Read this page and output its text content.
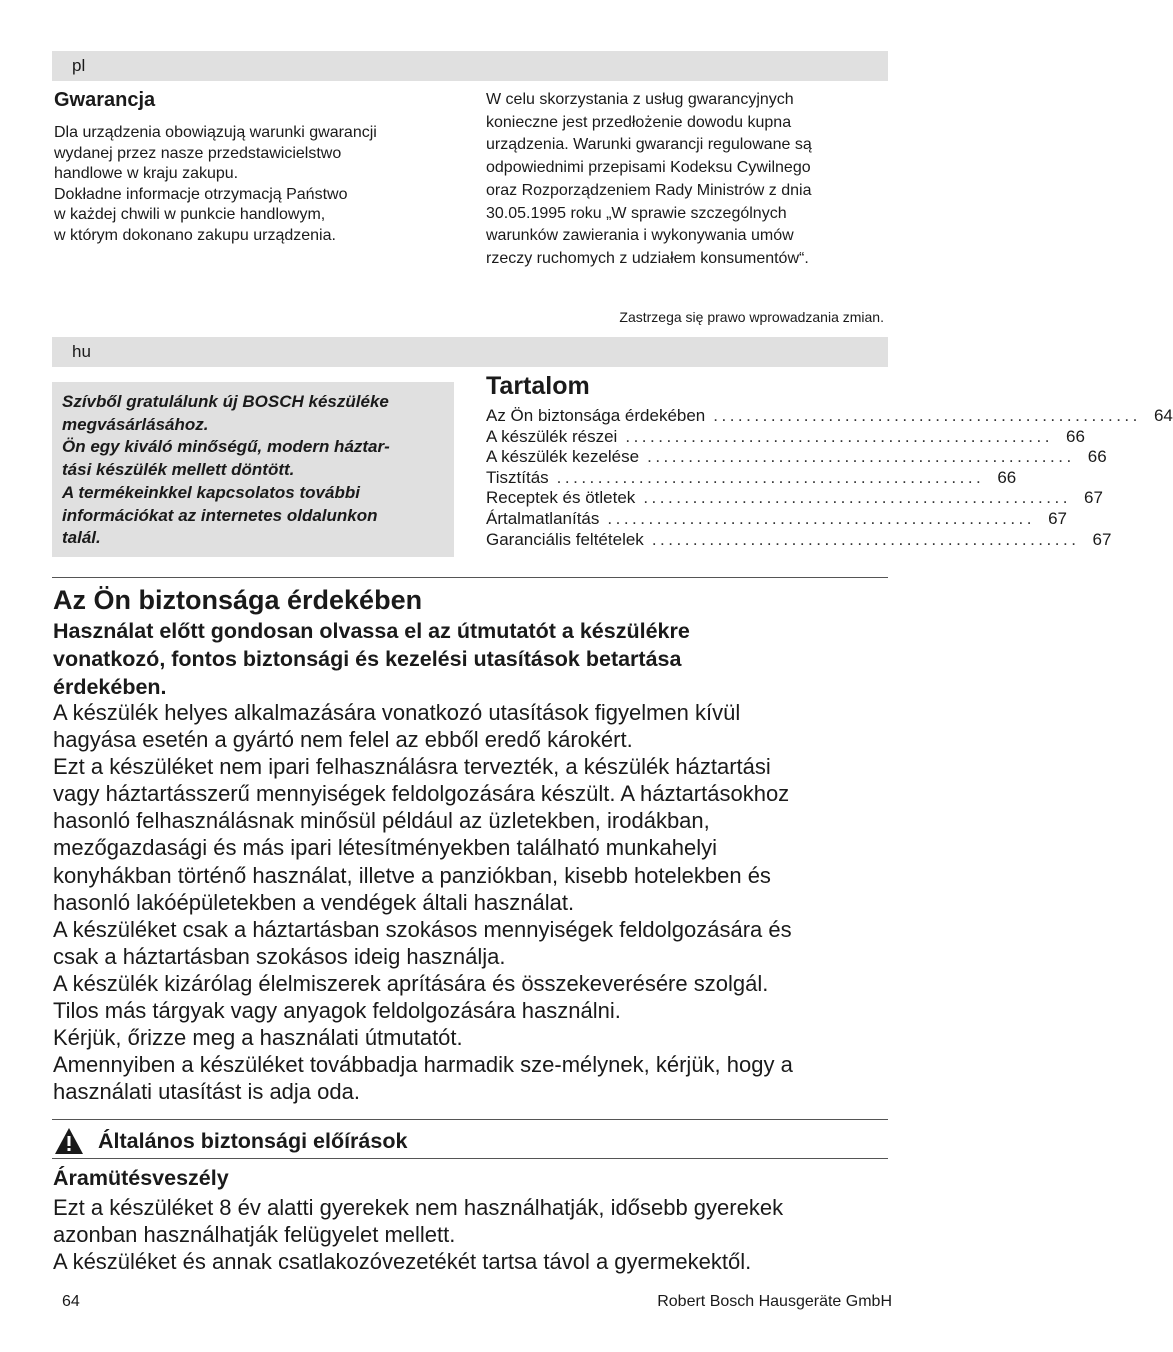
pl
Gwarancja
Dla urządzenia obowiązują warunki gwarancji
wydanej przez nasze przedstawicielstwo
handlowe w kraju zakupu.
Dokładne informacje otrzymacją Państwo
w każdej chwili w punkcie handlowym,
w którym dokonano zakupu urządzenia.
W celu skorzystania z usług gwarancyjnych
konieczne jest przedłożenie dowodu kupna
urządzenia. Warunki gwarancji regulowane są
odpowiednimi przepisami Kodeksu Cywilnego
oraz Rozporządzeniem Rady Ministrów z dnia
30.05.1995 roku „W sprawie szczególnych
warunków zawierania i wykonywania umów
rzeczy ruchomych z udziałem konsumentów“.
Zastrzega się prawo wprowadzania zmian.
hu
Szívből gratulálunk új BOSCH készüléke
megvásárlásához.
Ön egy kiváló minőségű, modern háztar-
tási készülék mellett döntött.
A termékeinkkel kapcsolatos további
információkat az internetes oldalunkon
talál.
Tartalom
Az Ön biztonsága érdekében .................................................... 64
A készülék részei .................................................... 66
A készülék kezelése .................................................... 66
Tisztítás .................................................... 66
Receptek és ötletek .................................................... 67
Ártalmatlanítás .................................................... 67
Garanciális feltételek .................................................... 67
Az Ön biztonsága érdekében
Használat előtt gondosan olvassa el az útmutatót a készülékre
vonatkozó, fontos biztonsági és kezelési utasítások betartása
érdekében.
A készülék helyes alkalmazására vonatkozó utasítások figyelmen kívül
hagyása esetén a gyártó nem felel az ebből eredő károkért.
Ezt a készüléket nem ipari felhasználásra tervezték, a készülék háztartási
vagy háztartásszerű mennyiségek feldolgozására készült. A háztartásokhoz
hasonló felhasználásnak minősül például az üzletekben, irodákban,
mezőgazdasági és más ipari létesítményekben található munkahelyi
konyhákban történő használat, illetve a panziókban, kisebb hotelekben és
hasonló lakóépületekben a vendégek általi használat.
A készüléket csak a háztartásban szokásos mennyiségek feldolgozására és
csak a háztartásban szokásos ideig használja.
A készülék kizárólag élelmiszerek aprítására és összekeverésére szolgál.
Tilos más tárgyak vagy anyagok feldolgozására használni.
Kérjük, őrizze meg a használati útmutatót.
Amennyiben a készüléket továbbadja harmadik sze-mélynek, kérjük, hogy a
használati utasítást is adja oda.
Általános biztonsági előírások
Áramütésveszély
Ezt a készüléket 8 év alatti gyerekek nem használhatják, idősebb gyerekek
azonban használhatják felügyelet mellett.
A készüléket és annak csatlakozóvezetékét tartsa távol a gyermekektől.
64	Robert Bosch Hausgeräte GmbH
